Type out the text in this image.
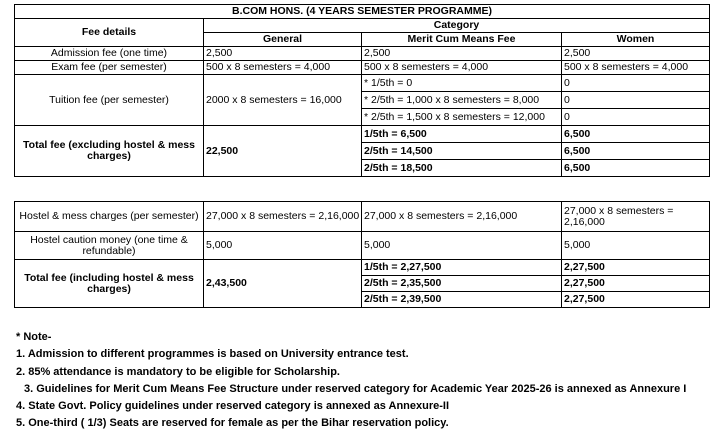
B.COM HONS. (4 YEARS SEMESTER PROGRAMME)			
Fee details	Category		
	General	Merit Cum Means Fee	Women
Admission fee (one time)	2,500	2,500	2,500
Exam fee (per semester)	500 x 8 semesters = 4,000	500 x 8 semesters = 4,000	500 x 8 semesters = 4,000
Tuition fee (per semester)	2000 x 8 semesters = 16,000	* 1/5th = 0	0
		* 2/5th = 1,000 x 8 semesters = 8,000	0
		* 2/5th = 1,500 x 8 semesters = 12,000	0
Total fee (excluding hostel & mess charges)	22,500	1/5th = 6,500	6,500
		2/5th = 14,500	6,500
		2/5th = 18,500	6,500
Hostel & mess charges (per semester)	27,000 x 8 semesters = 2,16,000	27,000 x 8 semesters = 2,16,000	27,000 x 8 semesters = 2,16,000
Hostel caution money (one time & refundable)	5,000	5,000	5,000
Total fee (including hostel & mess charges)	2,43,500	1/5th = 2,27,500	2,27,500
		2/5th = 2,35,500	2,27,500
		2/5th = 2,39,500	2,27,500
* Note-
1. Admission to different programmes is based on University entrance test.
2. 85% attendance is mandatory to be eligible for Scholarship.
3. Guidelines for Merit Cum Means Fee Structure under reserved category for Academic Year 2025-26 is annexed as Annexure I
4. State Govt. Policy guidelines under reserved category is annexed as Annexure-II
5. One-third ( 1/3) Seats are reserved for female as per the Bihar reservation policy.
